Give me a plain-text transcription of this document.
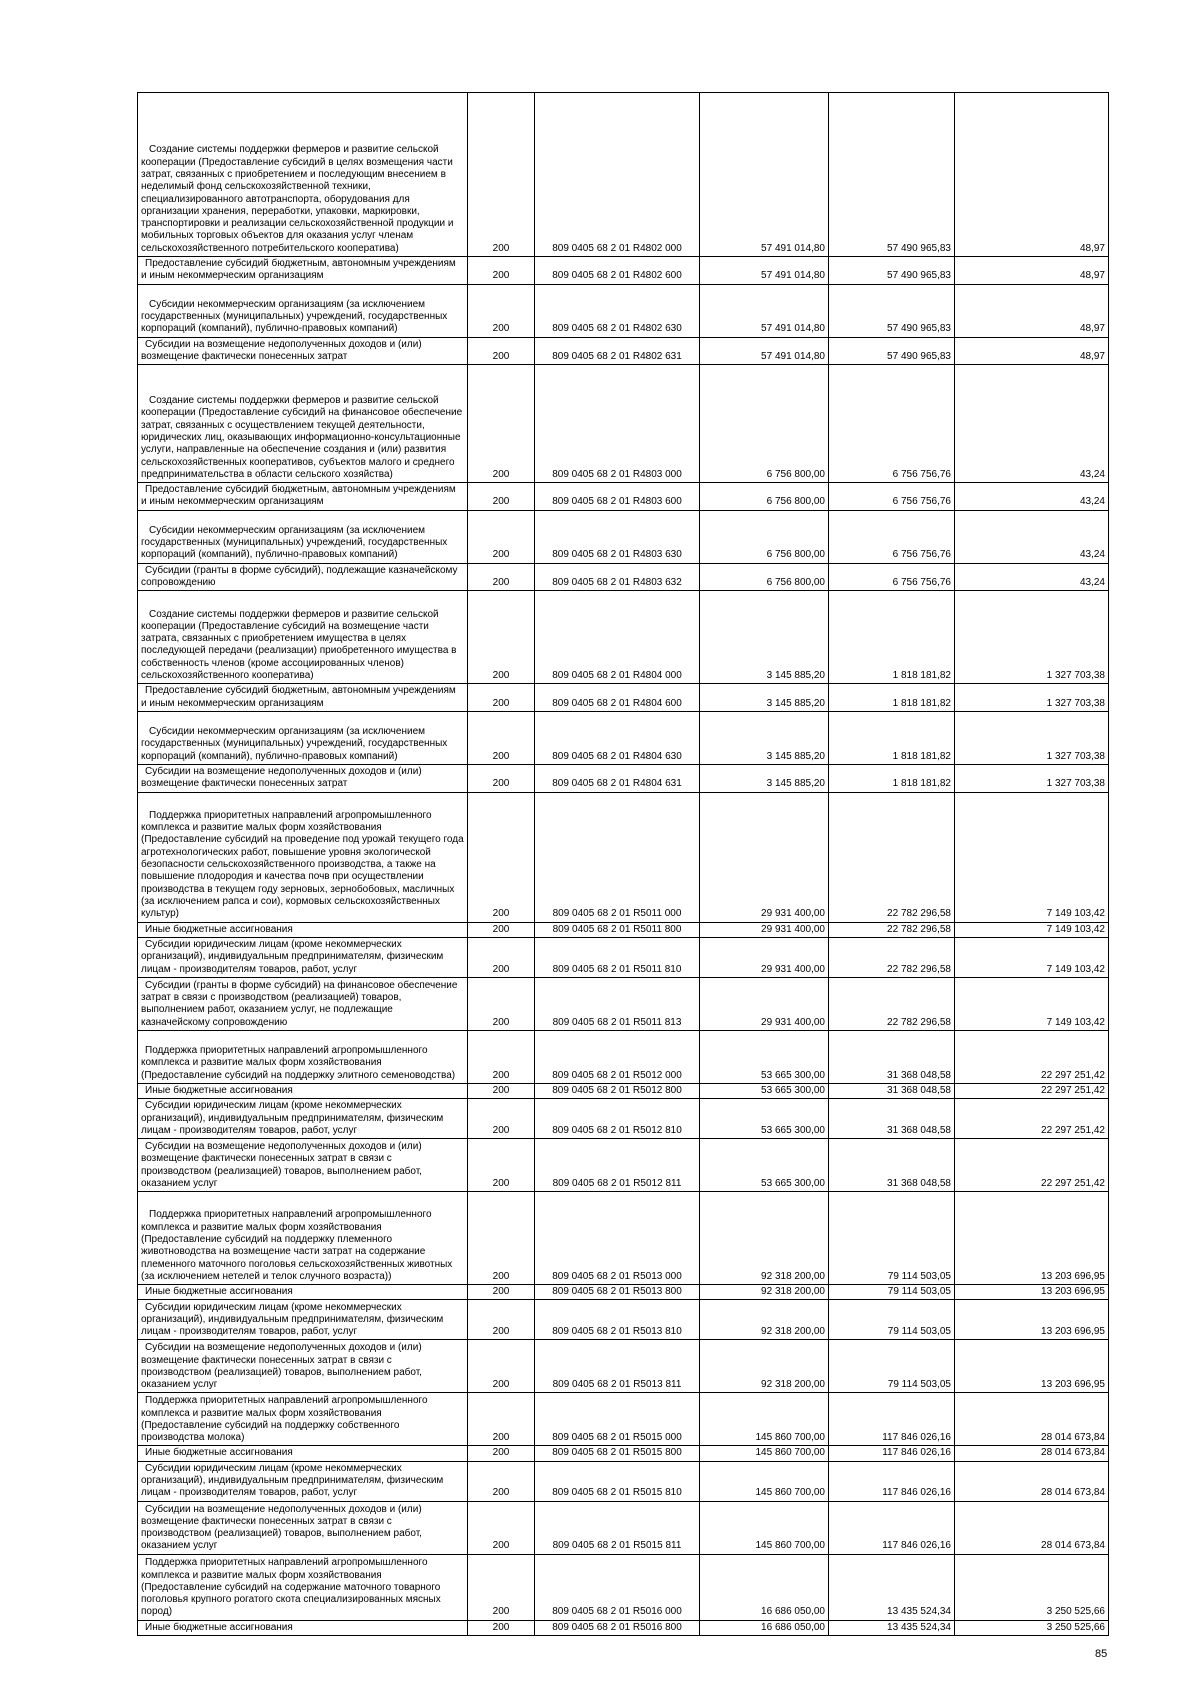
Создание системы поддержки фермеров и развитие сельской кооперации (Предоставление субсидий в целях возмещения части затрат, связанных с приобретением и последующим внесением в неделимый фонд сельскохозяйственной техники, специализированного автотранспорта, оборудования для организации хранения, переработки, упаковки, маркировки, транспортировки и реализации сельскохозяйственной продукции и мобильных торговых объектов для оказания услуг членам сельскохозяйственного потребительского кооператива)	200	809 0405 68 2 01 R4802 000	57 491 014,80	57 490 965,83	48,97
Предоставление субсидий бюджетным, автономным учреждениям и иным некоммерческим организациям	200	809 0405 68 2 01 R4802 600	57 491 014,80	57 490 965,83	48,97
Субсидии некоммерческим организациям (за исключением государственных (муниципальных) учреждений, государственных корпораций (компаний), публично-правовых компаний)	200	809 0405 68 2 01 R4802 630	57 491 014,80	57 490 965,83	48,97
Субсидии на возмещение недополученных доходов и (или) возмещение фактически понесенных затрат	200	809 0405 68 2 01 R4802 631	57 491 014,80	57 490 965,83	48,97
Создание системы поддержки фермеров и развитие сельской кооперации (Предоставление субсидий на финансовое обеспечение затрат, связанных с осуществлением текущей деятельности, юридических лиц, оказывающих информационно-консультационные услуги, направленные на обеспечение создания и (или) развития сельскохозяйственных кооперативов, субъектов малого и среднего предпринимательства в области сельского хозяйства)	200	809 0405 68 2 01 R4803 000	6 756 800,00	6 756 756,76	43,24
Предоставление субсидий бюджетным, автономным учреждениям и иным некоммерческим организациям	200	809 0405 68 2 01 R4803 600	6 756 800,00	6 756 756,76	43,24
Субсидии некоммерческим организациям (за исключением государственных (муниципальных) учреждений, государственных корпораций (компаний), публично-правовых компаний)	200	809 0405 68 2 01 R4803 630	6 756 800,00	6 756 756,76	43,24
Субсидии (гранты в форме субсидий), подлежащие казначейскому сопровождению	200	809 0405 68 2 01 R4803 632	6 756 800,00	6 756 756,76	43,24
Создание системы поддержки фермеров и развитие сельской кооперации (Предоставление субсидий на возмещение части затрата, связанных с приобретением имущества в целях последующей передачи (реализации) приобретенного имущества в собственность членов (кроме ассоциированных членов) сельскохозяйственного кооператива)	200	809 0405 68 2 01 R4804 000	3 145 885,20	1 818 181,82	1 327 703,38
Предоставление субсидий бюджетным, автономным учреждениям и иным некоммерческим организациям	200	809 0405 68 2 01 R4804 600	3 145 885,20	1 818 181,82	1 327 703,38
Субсидии некоммерческим организациям (за исключением государственных (муниципальных) учреждений, государственных корпораций (компаний), публично-правовых компаний)	200	809 0405 68 2 01 R4804 630	3 145 885,20	1 818 181,82	1 327 703,38
Субсидии на возмещение недополученных доходов и (или) возмещение фактически понесенных затрат	200	809 0405 68 2 01 R4804 631	3 145 885,20	1 818 181,82	1 327 703,38
Поддержка приоритетных направлений агропромышленного комплекса и развитие малых форм хозяйствования (Предоставление субсидий на проведение под урожай текущего года агротехнологических работ, повышение уровня экологической безопасности сельскохозяйственного производства, а также на повышение плодородия и качества почв при осуществлении производства в текущем году зерновых, зернобобовых, масличных (за исключением рапса и сои), кормовых сельскохозяйственных культур)	200	809 0405 68 2 01 R5011 000	29 931 400,00	22 782 296,58	7 149 103,42
Иные бюджетные ассигнования	200	809 0405 68 2 01 R5011 800	29 931 400,00	22 782 296,58	7 149 103,42
Субсидии юридическим лицам (кроме некоммерческих организаций), индивидуальным предпринимателям, физическим лицам - производителям товаров, работ, услуг	200	809 0405 68 2 01 R5011 810	29 931 400,00	22 782 296,58	7 149 103,42
Субсидии (гранты в форме субсидий) на финансовое обеспечение затрат в связи с производством (реализацией) товаров, выполнением работ, оказанием услуг, не подлежащие казначейскому сопровождению	200	809 0405 68 2 01 R5011 813	29 931 400,00	22 782 296,58	7 149 103,42
Поддержка приоритетных направлений агропромышленного комплекса и развитие малых форм хозяйствования (Предоставление субсидий на поддержку элитного семеноводства)	200	809 0405 68 2 01 R5012 000	53 665 300,00	31 368 048,58	22 297 251,42
Иные бюджетные ассигнования	200	809 0405 68 2 01 R5012 800	53 665 300,00	31 368 048,58	22 297 251,42
Субсидии юридическим лицам (кроме некоммерческих организаций), индивидуальным предпринимателям, физическим лицам - производителям товаров, работ, услуг	200	809 0405 68 2 01 R5012 810	53 665 300,00	31 368 048,58	22 297 251,42
Субсидии на возмещение недополученных доходов и (или) возмещение фактически понесенных затрат в связи с производством (реализацией) товаров, выполнением работ, оказанием услуг	200	809 0405 68 2 01 R5012 811	53 665 300,00	31 368 048,58	22 297 251,42
Поддержка приоритетных направлений агропромышленного комплекса и развитие малых форм хозяйствования (Предоставление субсидий на поддержку племенного животноводства на возмещение части затрат на содержание племенного маточного поголовья сельскохозяйственных животных (за исключением нетелей и телок случного возраста))	200	809 0405 68 2 01 R5013 000	92 318 200,00	79 114 503,05	13 203 696,95
Иные бюджетные ассигнования	200	809 0405 68 2 01 R5013 800	92 318 200,00	79 114 503,05	13 203 696,95
Субсидии юридическим лицам (кроме некоммерческих организаций), индивидуальным предпринимателям, физическим лицам - производителям товаров, работ, услуг	200	809 0405 68 2 01 R5013 810	92 318 200,00	79 114 503,05	13 203 696,95
Субсидии на возмещение недополученных доходов и (или) возмещение фактически понесенных затрат в связи с производством (реализацией) товаров, выполнением работ, оказанием услуг	200	809 0405 68 2 01 R5013 811	92 318 200,00	79 114 503,05	13 203 696,95
Поддержка приоритетных направлений агропромышленного комплекса и развитие малых форм хозяйствования (Предоставление субсидий на поддержку собственного производства молока)	200	809 0405 68 2 01 R5015 000	145 860 700,00	117 846 026,16	28 014 673,84
Иные бюджетные ассигнования	200	809 0405 68 2 01 R5015 800	145 860 700,00	117 846 026,16	28 014 673,84
Субсидии юридическим лицам (кроме некоммерческих организаций), индивидуальным предпринимателям, физическим лицам - производителям товаров, работ, услуг	200	809 0405 68 2 01 R5015 810	145 860 700,00	117 846 026,16	28 014 673,84
Субсидии на возмещение недополученных доходов и (или) возмещение фактически понесенных затрат в связи с производством (реализацией) товаров, выполнением работ, оказанием услуг	200	809 0405 68 2 01 R5015 811	145 860 700,00	117 846 026,16	28 014 673,84
Поддержка приоритетных направлений агропромышленного комплекса и развитие малых форм хозяйствования (Предоставление субсидий на содержание маточного товарного поголовья крупного рогатого скота специализированных мясных пород)	200	809 0405 68 2 01 R5016 000	16 686 050,00	13 435 524,34	3 250 525,66
Иные бюджетные ассигнования	200	809 0405 68 2 01 R5016 800	16 686 050,00	13 435 524,34	3 250 525,66
85
